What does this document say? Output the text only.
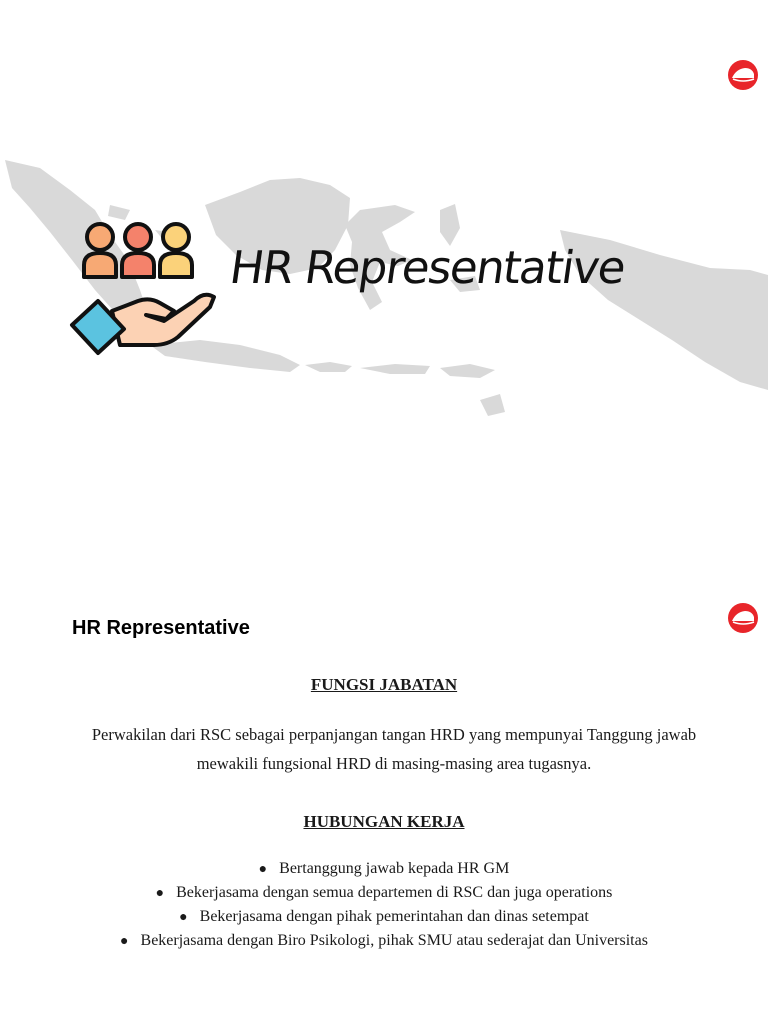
HR Representative
HR Representative
FUNGSI JABATAN
Perwakilan dari RSC sebagai perpanjangan tangan HRD yang mempunyai Tanggung jawab mewakili fungsional HRD di masing-masing area tugasnya.
HUBUNGAN KERJA
● Bertanggung jawab kepada HR GM
● Bekerjasama dengan semua departemen di RSC dan juga operations
● Bekerjasama dengan pihak pemerintahan dan dinas setempat
● Bekerjasama dengan Biro Psikologi, pihak SMU atau sederajat dan Universitas
